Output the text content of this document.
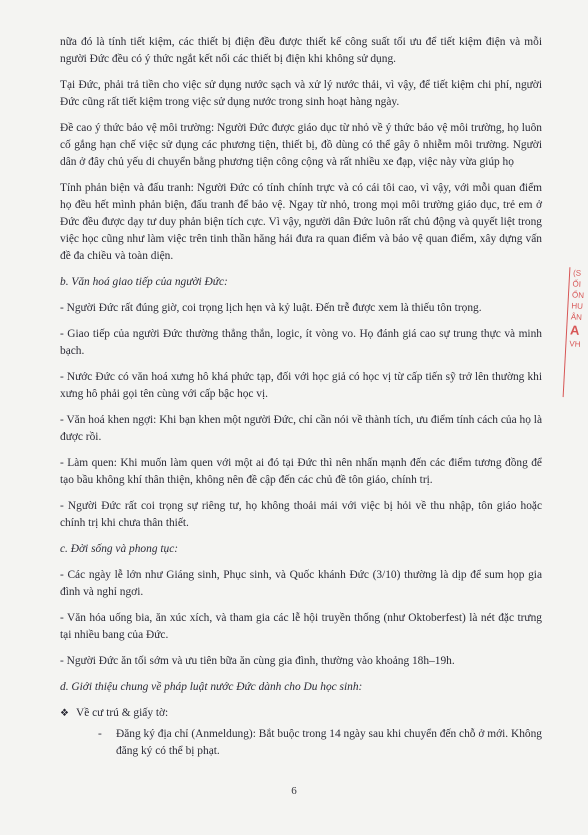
nữa đó là tính tiết kiệm, các thiết bị điện đều được thiết kế công suất tối ưu để tiết kiệm điện và mỗi người Đức đều có ý thức ngắt kết nối các thiết bị điện khi không sử dụng.

Tại Đức, phải trả tiền cho việc sử dụng nước sạch và xử lý nước thải, vì vậy, để tiết kiệm chi phí, người Đức cũng rất tiết kiệm trong việc sử dụng nước trong sinh hoạt hàng ngày.

Đề cao ý thức bảo vệ môi trường: Người Đức được giáo dục từ nhỏ về ý thức bảo vệ môi trường, họ luôn cố gắng hạn chế việc sử dụng các phương tiện, thiết bị, đồ dùng có thể gây ô nhiễm môi trường. Người dân ở đây chủ yếu di chuyển bằng phương tiện công cộng và rất nhiều xe đạp, việc này vừa giúp họ

Tính phản biện và đấu tranh: Người Đức có tính chính trực và có cái tôi cao, vì vậy, với mỗi quan điểm họ đều hết mình phản biện, đấu tranh để bảo vệ. Ngay từ nhỏ, trong mọi môi trường giáo dục, trẻ em ở Đức đều được dạy tư duy phản biện tích cực. Vì vậy, người dân Đức luôn rất chủ động và quyết liệt trong việc học cũng như làm việc trên tinh thần hăng hái đưa ra quan điểm và bảo vệ quan điểm, xây dựng vấn đề đa chiều và toàn diện.

b. Văn hoá giao tiếp của người Đức:

- Người Đức rất đúng giờ, coi trọng lịch hẹn và kỷ luật. Đến trễ được xem là thiếu tôn trọng.

- Giao tiếp của người Đức thường thẳng thắn, logic, ít vòng vo. Họ đánh giá cao sự trung thực và minh bạch.

- Nước Đức có văn hoá xưng hô khá phức tạp, đối với học giả có học vị từ cấp tiến sỹ trở lên thường khi xưng hô phải gọi tên cùng với cấp bậc học vị.

- Văn hoá khen ngợi: Khi bạn khen một người Đức, chỉ cần nói về thành tích, ưu điểm tính cách của họ là được rồi.

- Làm quen: Khi muốn làm quen với một ai đó tại Đức thì nên nhấn mạnh đến các điểm tương đồng để tạo bầu không khí thân thiện, không nên đề cập đến các chủ đề tôn giáo, chính trị.

- Người Đức rất coi trọng sự riêng tư, họ không thoải mái với việc bị hỏi về thu nhập, tôn giáo hoặc chính trị khi chưa thân thiết.

c. Đời sống và phong tục:

- Các ngày lễ lớn như Giáng sinh, Phục sinh, và Quốc khánh Đức (3/10) thường là dịp để sum họp gia đình và nghỉ ngơi.

- Văn hóa uống bia, ăn xúc xích, và tham gia các lễ hội truyền thống (như Oktoberfest) là nét đặc trưng tại nhiều bang của Đức.

- Người Đức ăn tối sớm và ưu tiên bữa ăn cùng gia đình, thường vào khoảng 18h–19h.

d. Giới thiệu chung về pháp luật nước Đức dành cho Du học sinh:

❖ Về cư trú & giấy tờ:
-	Đăng ký địa chỉ (Anmeldung): Bắt buộc trong 14 ngày sau khi chuyển đến chỗ ở mới. Không đăng ký có thể bị phạt.
(S
ỐI
ỐN
HU
ÂN
A
VH
6
